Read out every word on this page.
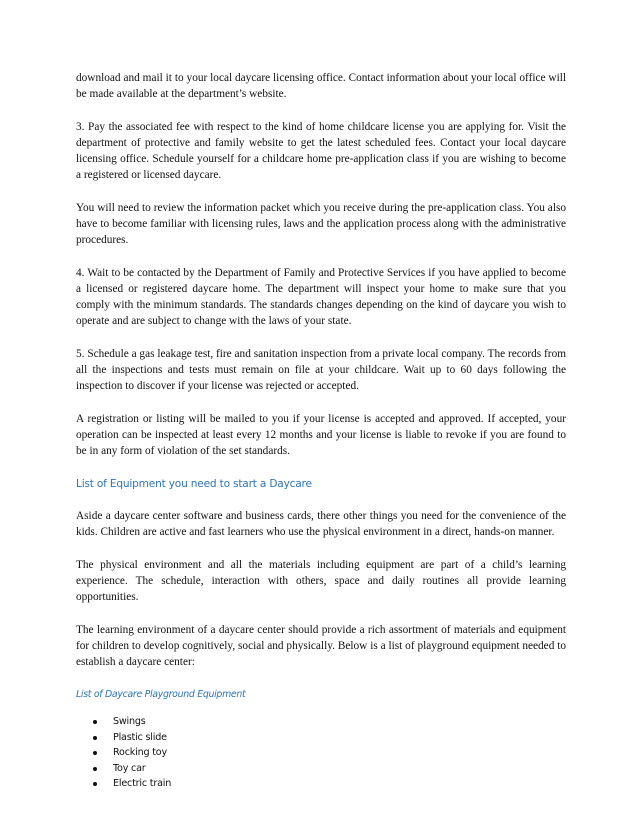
download and mail it to your local daycare licensing office. Contact information about your local office will be made available at the department’s website.

3. Pay the associated fee with respect to the kind of home childcare license you are applying for. Visit the department of protective and family website to get the latest scheduled fees. Contact your local daycare licensing office. Schedule yourself for a childcare home pre-application class if you are wishing to become a registered or licensed daycare.

You will need to review the information packet which you receive during the pre-application class. You also have to become familiar with licensing rules, laws and the application process along with the administrative procedures.

4. Wait to be contacted by the Department of Family and Protective Services if you have applied to become a licensed or registered daycare home. The department will inspect your home to make sure that you comply with the minimum standards. The standards changes depending on the kind of daycare you wish to operate and are subject to change with the laws of your state.

5. Schedule a gas leakage test, fire and sanitation inspection from a private local company. The records from all the inspections and tests must remain on file at your childcare. Wait up to 60 days following the inspection to discover if your license was rejected or accepted.

A registration or listing will be mailed to you if your license is accepted and approved. If accepted, your operation can be inspected at least every 12 months and your license is liable to revoke if you are found to be in any form of violation of the set standards.

List of Equipment you need to start a Daycare

Aside a daycare center software and business cards, there other things you need for the convenience of the kids. Children are active and fast learners who use the physical environment in a direct, hands-on manner.

The physical environment and all the materials including equipment are part of a child’s learning experience. The schedule, interaction with others, space and daily routines all provide learning opportunities.

The learning environment of a daycare center should provide a rich assortment of materials and equipment for children to develop cognitively, social and physically. Below is a list of playground equipment needed to establish a daycare center:

List of Daycare Playground Equipment
Swings
Plastic slide
Rocking toy
Toy car
Electric train
